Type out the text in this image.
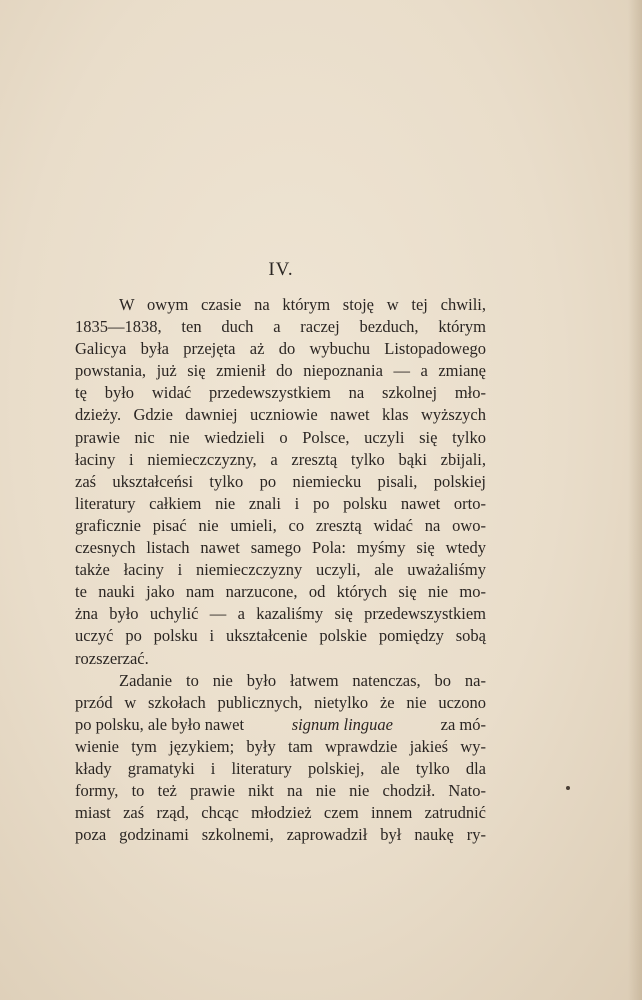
IV.
W owym czasie na którym stoję w tej chwili,
1835—1838, ten duch a raczej bezduch, którym
Galicya była przejęta aż do wybuchu Listopadowego
powstania, już się zmienił do niepoznania — a zmianę
tę było widać przedewszystkiem na szkolnej mło-
dzieży. Gdzie dawniej uczniowie nawet klas wyższych
prawie nic nie wiedzieli o Polsce, uczyli się tylko
łaciny i niemieczczyzny, a zresztą tylko bąki zbijali,
zaś ukształceńsi tylko po niemiecku pisali, polskiej
literatury całkiem nie znali i po polsku nawet orto-
graficznie pisać nie umieli, co zresztą widać na owo-
czesnych listach nawet samego Pola: myśmy się wtedy
także łaciny i niemieczczyzny uczyli, ale uważaliśmy
te nauki jako nam narzucone, od których się nie mo-
żna było uchylić — a kazaliśmy się przedewszystkiem
uczyć po polsku i ukształcenie polskie pomiędzy sobą
rozszerzać.
Zadanie to nie było łatwem natenczas, bo na-
przód w szkołach publicznych, nietylko że nie uczono
po polsku, ale było nawet	signum linguae	za mó-
wienie tym językiem; były tam wprawdzie jakieś wy-
kłady gramatyki i literatury polskiej, ale tylko dla
formy, to też prawie nikt na nie nie chodził. Nato-
miast zaś rząd, chcąc młodzież czem innem zatrudnić
poza godzinami szkolnemi, zaprowadził był naukę ry-
